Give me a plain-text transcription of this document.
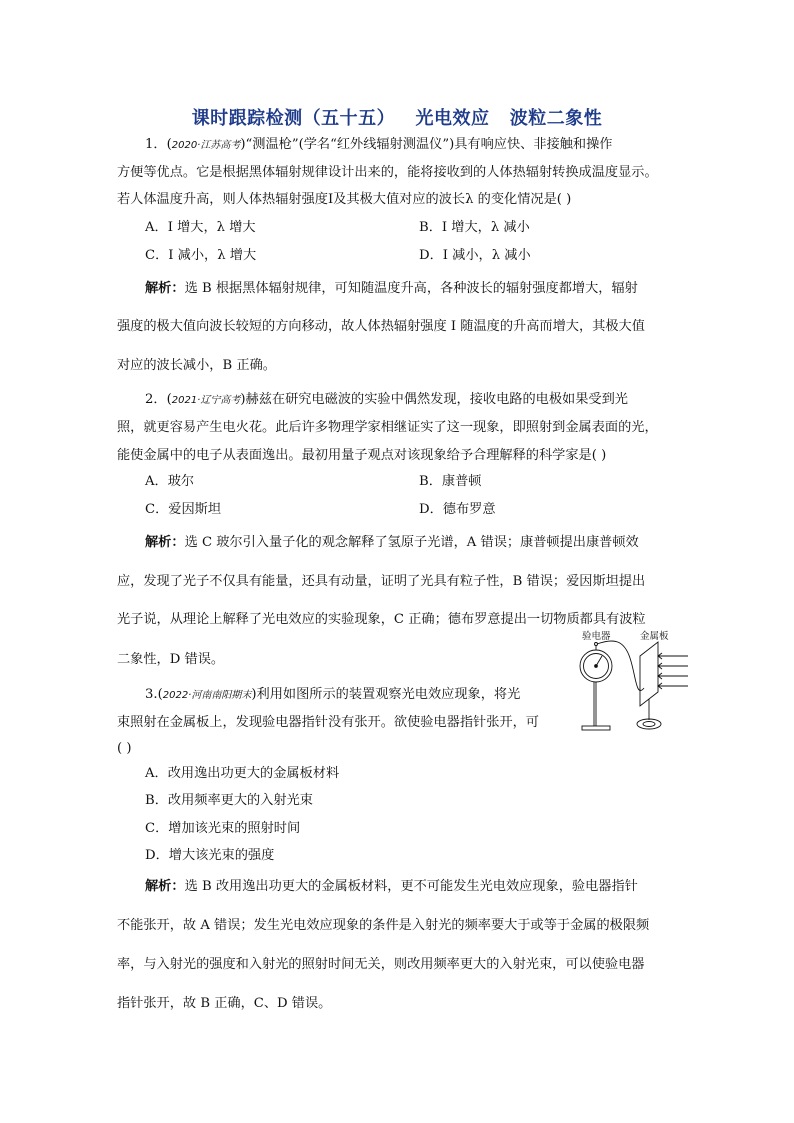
课时跟踪检测（五十五）   光电效应   波粒二象性
1．(2020·江苏高考)“测温枪”(学名“红外线辐射测温仪”)具有响应快、非接触和操作
方便等优点。它是根据黑体辐射规律设计出来的，能将接收到的人体热辐射转换成温度显示。
若人体温度升高，则人体热辐射强度I及其极大值对应的波长λ 的变化情况是( )
A．I 增大，λ 增大	B．I 增大，λ 减小
C．I 减小，λ 增大	D．I 减小，λ 减小
解析：选 B 根据黑体辐射规律，可知随温度升高，各种波长的辐射强度都增大，辐射
强度的极大值向波长较短的方向移动，故人体热辐射强度 I 随温度的升高而增大，其极大值
对应的波长减小，B 正确。
2．(2021·辽宁高考)赫兹在研究电磁波的实验中偶然发现，接收电路的电极如果受到光
照，就更容易产生电火花。此后许多物理学家相继证实了这一现象，即照射到金属表面的光，
能使金属中的电子从表面逸出。最初用量子观点对该现象给予合理解释的科学家是( )
A．玻尔	B．康普顿
C．爱因斯坦	D．德布罗意
解析：选 C 玻尔引入量子化的观念解释了氢原子光谱，A 错误；康普顿提出康普顿效
应，发现了光子不仅具有能量，还具有动量，证明了光具有粒子性，B 错误；爱因斯坦提出
光子说，从理论上解释了光电效应的实验现象，C 正确；德布罗意提出一切物质都具有波粒
二象性，D 错误。
3.(2022·河南南阳期末)利用如图所示的装置观察光电效应现象，将光
束照射在金属板上，发现验电器指针没有张开。欲使验电器指针张开，可
( )
A．改用逸出功更大的金属板材料
B．改用频率更大的入射光束
C．增加该光束的照射时间
D．增大该光束的强度
解析：选 B 改用逸出功更大的金属板材料，更不可能发生光电效应现象，验电器指针
不能张开，故 A 错误；发生光电效应现象的条件是入射光的频率要大于或等于金属的极限频
率，与入射光的强度和入射光的照射时间无关，则改用频率更大的入射光束，可以使验电器
指针张开，故 B 正确，C、D 错误。
验电器	金属板
